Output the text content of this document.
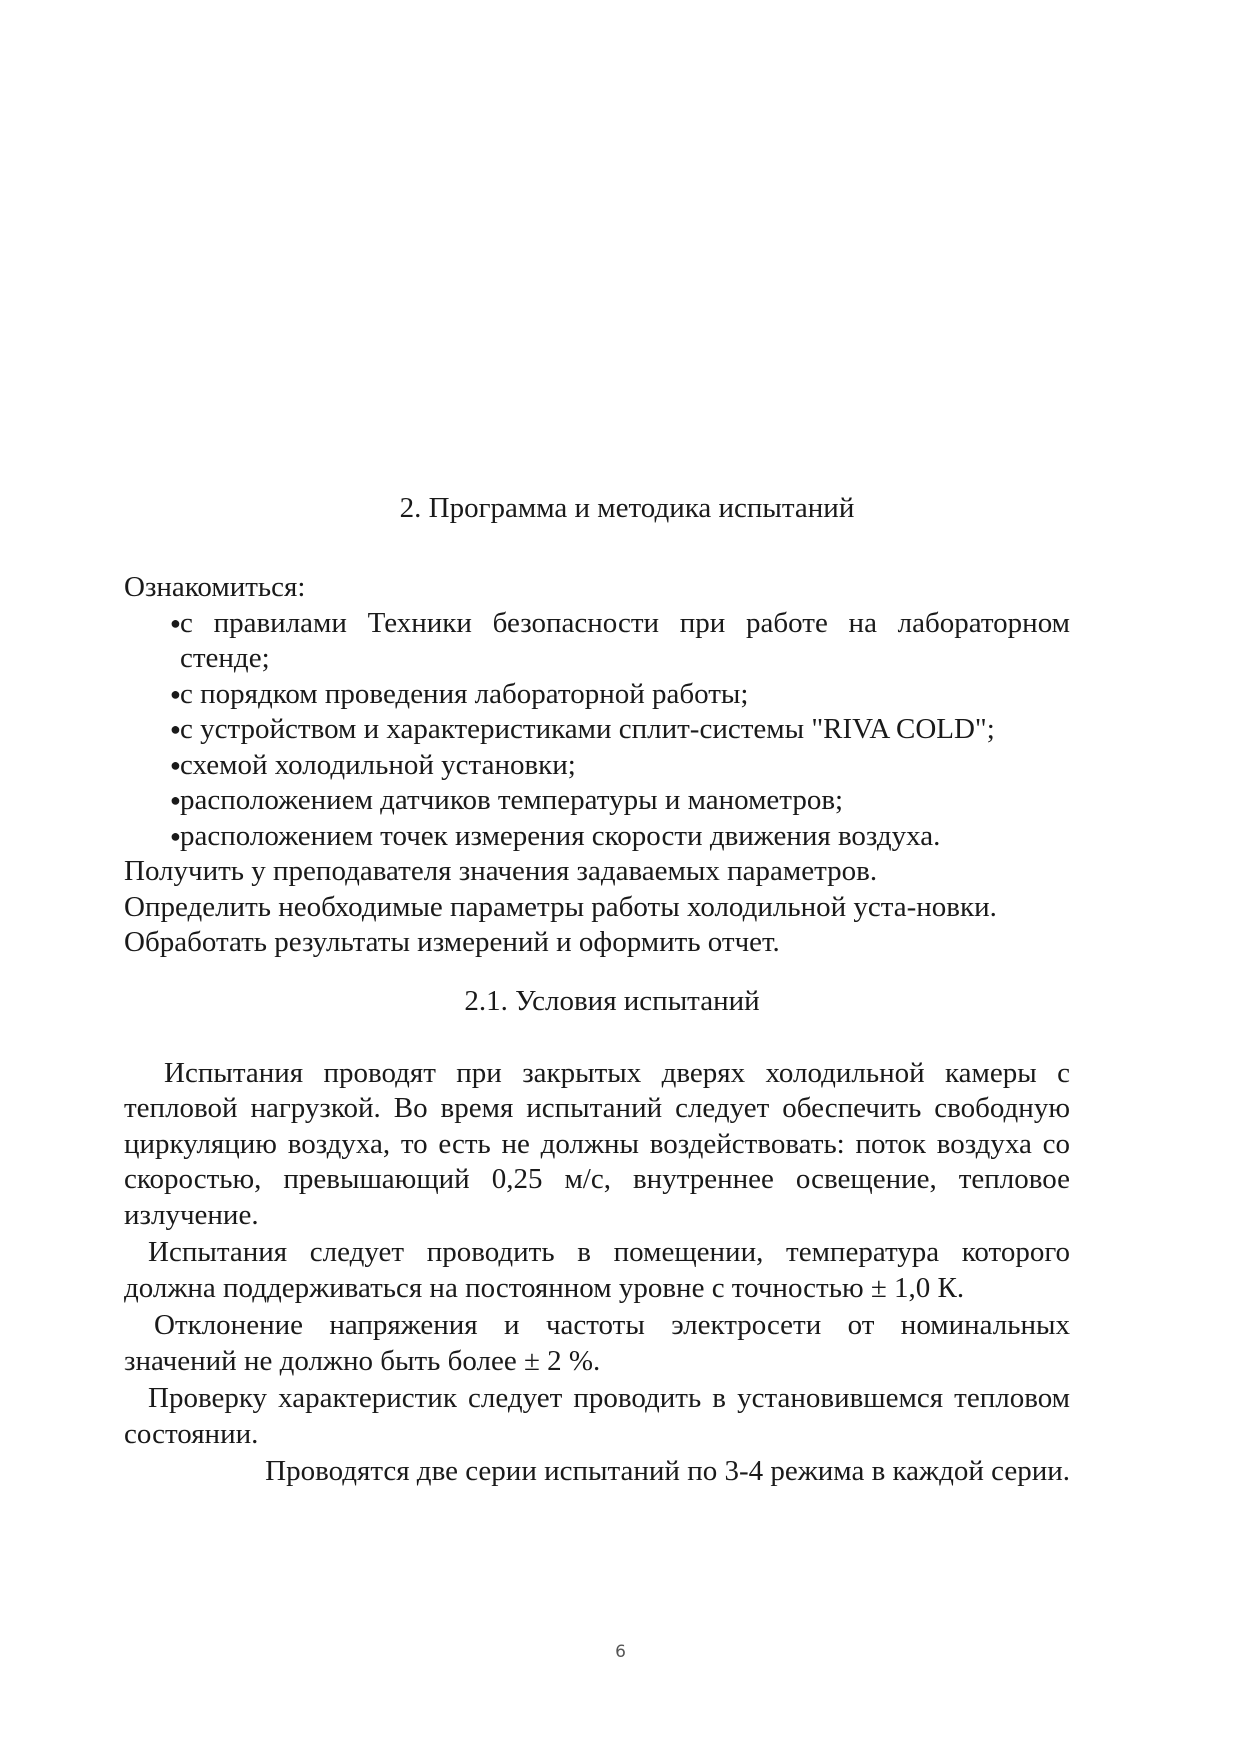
2. Программа и методика испытаний

Ознакомиться:

●с правилами Техники безопасности при работе на лабораторном стенде;
●с порядком проведения лабораторной работы;
●с устройством и характеристиками сплит-системы "RIVA COLD";
●схемой холодильной установки;
●расположением датчиков температуры и манометров;
●расположением точек измерения скорости движения воздуха.

Получить у преподавателя значения задаваемых параметров.

Определить необходимые параметры работы холодильной уста-новки.

Обработать результаты измерений и оформить отчет.

2.1. Условия испытаний

Испытания проводят при закрытых дверях холодильной камеры с тепловой нагрузкой. Во время испытаний следует обеспечить свободную циркуляцию воздуха, то есть не должны воздействовать: поток воздуха со скоростью, превышающий 0,25 м/с, внутреннее освещение, тепловое излучение.

Испытания следует проводить в помещении, температура которого должна поддерживаться на постоянном уровне с точностью ± 1,0 К.

Отклонение напряжения и частоты электросети от номинальных значений не должно быть более ± 2 %.

Проверку характеристик следует проводить в установившемся тепловом состоянии.

Проводятся две серии испытаний по 3-4 режима в каждой серии.

6
